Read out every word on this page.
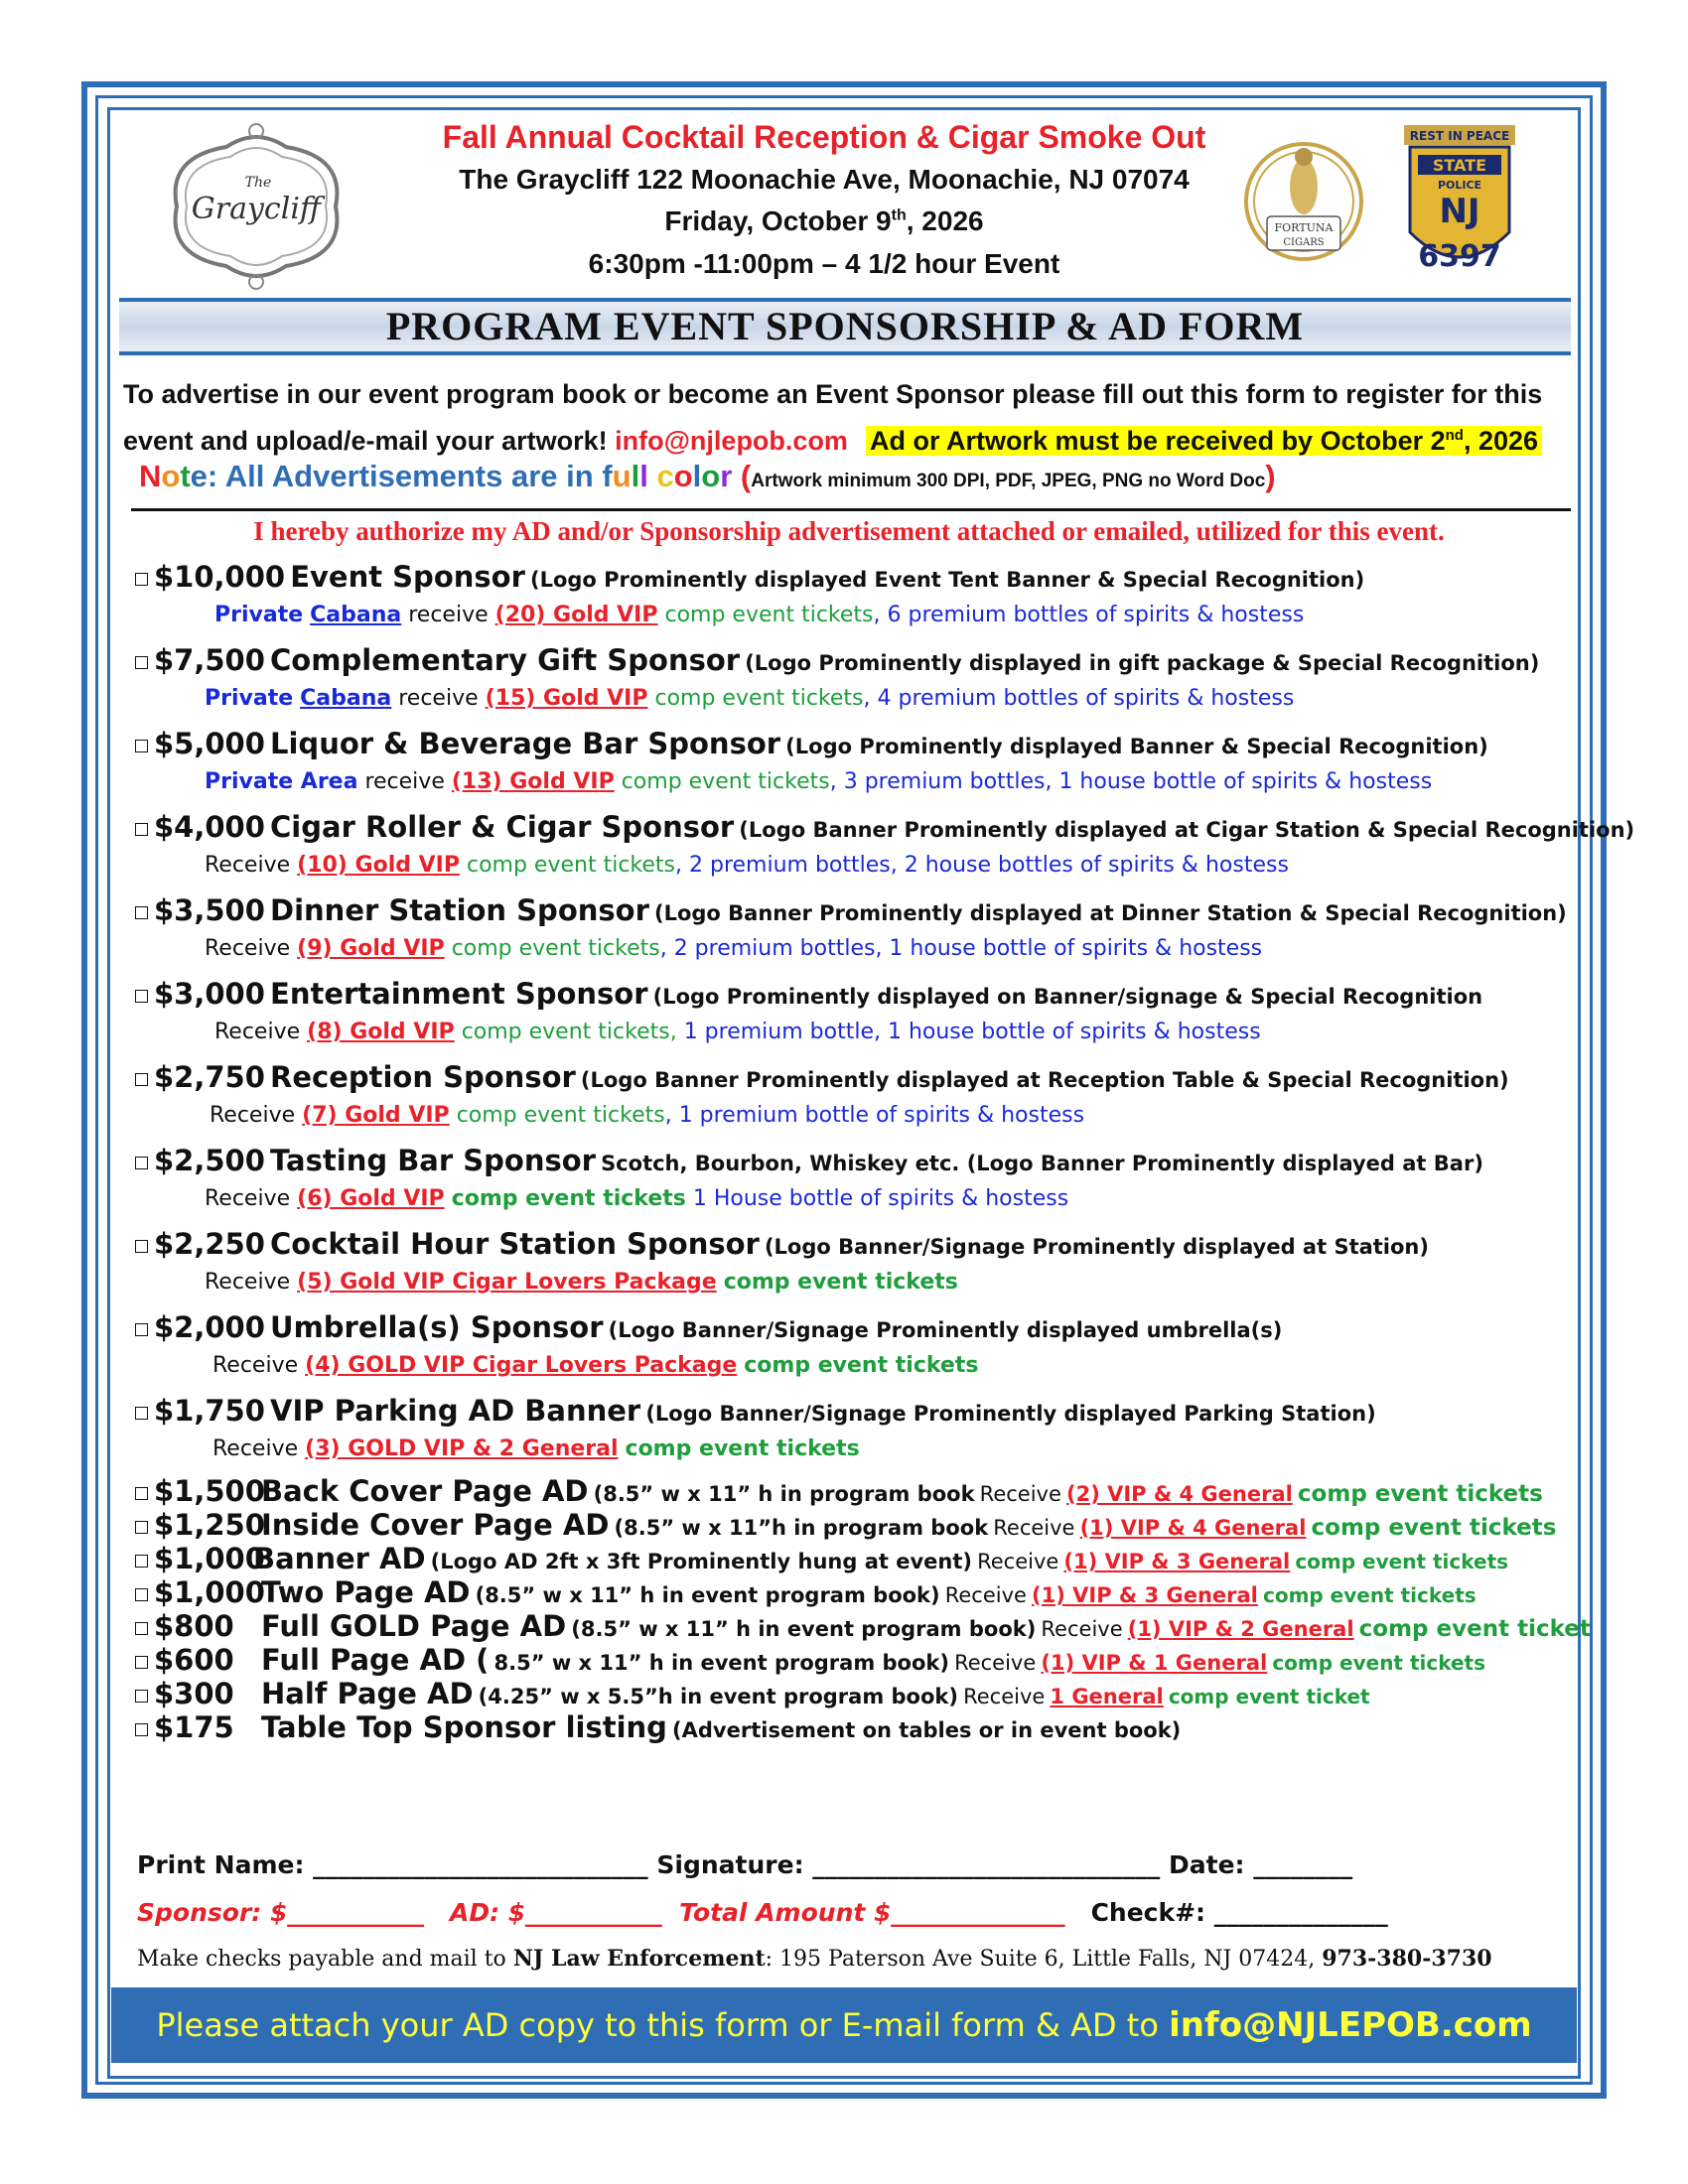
The
Graycliff
Fall Annual Cocktail Reception & Cigar Smoke Out
The Graycliff 122 Moonachie Ave, Moonachie, NJ 07074
Friday, October 9th, 2026
6:30pm -11:00pm – 4 1/2 hour Event
FORTUNA
CIGARS
REST IN PEACE
STATE
POLICE
NJ
6397
PROGRAM EVENT SPONSORSHIP & AD FORM
To advertise in our event program book or become an Event Sponsor please fill out this form to register for this
event and upload/e-mail your artwork! info@njlepob.com Ad or Artwork must be received by October 2nd, 2026
Note: All Advertisements are in full color (Artwork minimum 300 DPI, PDF, JPEG, PNG no Word Doc)
I hereby authorize my AD and/or Sponsorship advertisement attached or emailed, utilized for this event.
$10,000 Event Sponsor (Logo Prominently displayed Event Tent Banner & Special Recognition)
Private Cabana receive (20) Gold VIP comp event tickets, 6 premium bottles of spirits & hostess
$7,500 Complementary Gift Sponsor (Logo Prominently displayed in gift package & Special Recognition)
Private Cabana receive (15) Gold VIP comp event tickets, 4 premium bottles of spirits & hostess
$5,000 Liquor & Beverage Bar Sponsor (Logo Prominently displayed Banner & Special Recognition)
Private Area receive (13) Gold VIP comp event tickets, 3 premium bottles, 1 house bottle of spirits & hostess
$4,000 Cigar Roller & Cigar Sponsor (Logo Banner Prominently displayed at Cigar Station & Special Recognition)
Receive (10) Gold VIP comp event tickets, 2 premium bottles, 2 house bottles of spirits & hostess
$3,500 Dinner Station Sponsor (Logo Banner Prominently displayed at Dinner Station & Special Recognition)
Receive (9) Gold VIP comp event tickets, 2 premium bottles, 1 house bottle of spirits & hostess
$3,000 Entertainment Sponsor (Logo Prominently displayed on Banner/signage & Special Recognition
Receive (8) Gold VIP comp event tickets, 1 premium bottle, 1 house bottle of spirits & hostess
$2,750 Reception Sponsor (Logo Banner Prominently displayed at Reception Table & Special Recognition)
Receive (7) Gold VIP comp event tickets, 1 premium bottle of spirits & hostess
$2,500 Tasting Bar Sponsor Scotch, Bourbon, Whiskey etc. (Logo Banner Prominently displayed at Bar)
Receive (6) Gold VIP comp event tickets 1 House bottle of spirits & hostess
$2,250 Cocktail Hour Station Sponsor (Logo Banner/Signage Prominently displayed at Station)
Receive (5) Gold VIP Cigar Lovers Package comp event tickets
$2,000 Umbrella(s) Sponsor (Logo Banner/Signage Prominently displayed umbrella(s)
Receive (4) GOLD VIP Cigar Lovers Package comp event tickets
$1,750 VIP Parking AD Banner (Logo Banner/Signage Prominently displayed Parking Station)
Receive (3) GOLD VIP & 2 General comp event tickets
$1,500Back Cover Page AD (8.5” w x 11” h in program book Receive (2) VIP & 4 General comp event tickets
$1,250Inside Cover Page AD (8.5” w x 11”h in program book Receive (1) VIP & 4 General comp event tickets
$1,000Banner AD (Logo AD 2ft x 3ft Prominently hung at event) Receive (1) VIP & 3 General comp event tickets
$1,000Two Page AD (8.5” w x 11” h in event program book) Receive (1) VIP & 3 General comp event tickets
$800 Full GOLD Page AD (8.5” w x 11” h in event program book) Receive (1) VIP & 2 General comp event ticket
$600 Full Page AD ( 8.5” w x 11” h in event program book) Receive (1) VIP & 1 General comp event tickets
$300 Half Page AD (4.25” w x 5.5”h in event program book) Receive 1 General comp event ticket
$175 Table Top Sponsor listing (Advertisement on tables or in event book)
Print Name: ___________________________ Signature: ____________________________ Date: ________
Sponsor: $___________ AD: $___________ Total Amount $______________ Check#: ______________
Make checks payable and mail to NJ Law Enforcement: 195 Paterson Ave Suite 6, Little Falls, NJ 07424, 973-380-3730
Please attach your AD copy to this form or E-mail form & AD to info@NJLEPOB.com
